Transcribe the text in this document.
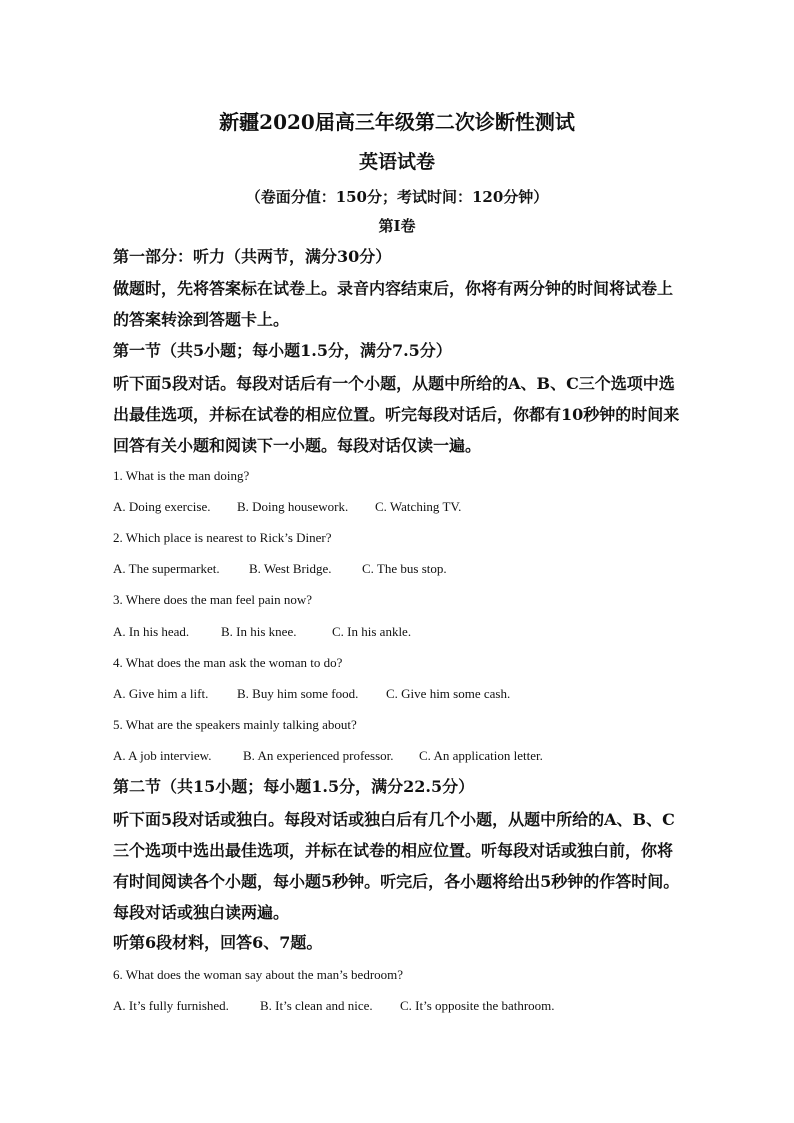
新疆2020届高三年级第二次诊断性测试
英语试卷
（卷面分值：150分；考试时间：120分钟）
第I卷
第一部分：听力（共两节，满分30分）
做题时，先将答案标在试卷上。录音内容结束后，你将有两分钟的时间将试卷上
的答案转涂到答题卡上。
第一节（共5小题；每小题1.5分，满分7.5分）
听下面5段对话。每段对话后有一个小题，从题中所给的A、B、C三个选项中选
出最佳选项，并标在试卷的相应位置。听完每段对话后，你都有10秒钟的时间来
回答有关小题和阅读下一小题。每段对话仅读一遍。
1. What is the man doing?
A. Doing exercise. B. Doing housework. C. Watching TV.
2. Which place is nearest to Rick’s Diner?
A. The supermarket. B. West Bridge. C. The bus stop.
3. Where does the man feel pain now?
A. In his head. B. In his knee.	C. In his ankle.
4. What does the man ask the woman to do?
A. Give him a lift. B. Buy him some food. C. Give him some cash.
5. What are the speakers mainly talking about?
A. A job interview. B. An experienced professor. C. An application letter.
第二节（共15小题；每小题1.5分，满分22.5分）
听下面5段对话或独白。每段对话或独白后有几个小题，从题中所给的A、B、C
三个选项中选出最佳选项，并标在试卷的相应位置。听每段对话或独白前，你将
有时间阅读各个小题，每小题5秒钟。听完后，各小题将给出5秒钟的作答时间。
每段对话或独白读两遍。
听第6段材料，回答6、7题。
6. What does the woman say about the man’s bedroom?
A. It’s fully furnished. B. It’s clean and nice. C. It’s opposite the bathroom.
